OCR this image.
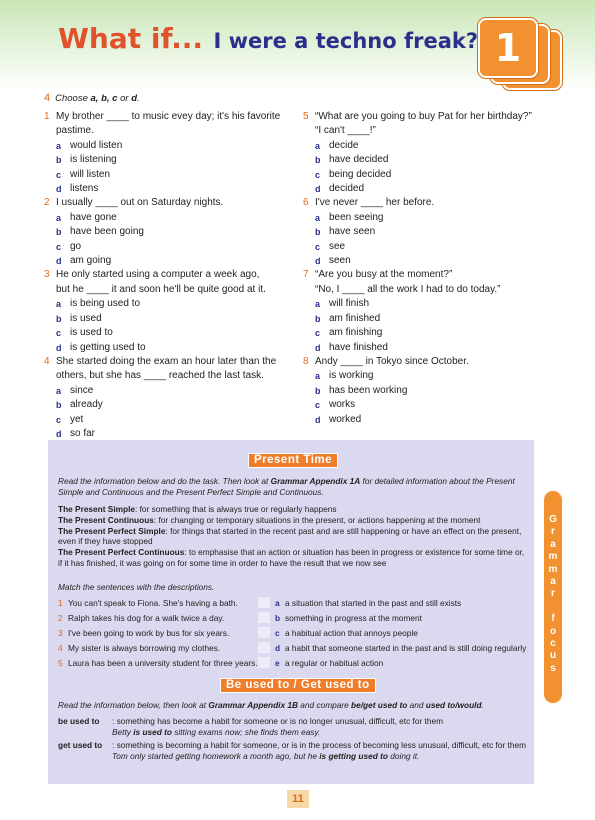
What if... I were a techno freak? 1
4 Choose a, b, c or d.
1 My brother ____ to music evey day; it's his favorite
pastime.
a would listen
b is listening
c will listen
d listens
2 I usually ____ out on Saturday nights.
a have gone
b have been going
c go
d am going
3 He only started using a computer a week ago,
but he ____ it and soon he'll be quite good at it.
a is being used to
b is used
c is used to
d is getting used to
4 She started doing the exam an hour later than the
others, but she has ____ reached the last task.
a since
b already
c yet
d so far
5 “What are you going to buy Pat for her birthday?”
“I can't ____!”
a decide
b have decided
c being decided
d decided
6 I've never ____ her before.
a been seeing
b have seen
c see
d seen
7 “Are you busy at the moment?”
“No, I ____ all the work I had to do today.”
a will finish
b am finished
c am finishing
d have finished
8 Andy ____ in Tokyo since October.
a is working
b has been working
c works
d worked
Present Time
Read the information below and do the task. Then look at Grammar Appendix 1A for detailed information about the Present
Simple and Continuous and the Present Perfect Simple and Continuous.
The Present Simple: for something that is always true or regularly happens
The Present Continuous: for changing or temporary situations in the present, or actions happening at the moment
The Present Perfect Simple: for things that started in the recent past and are still happening or have an effect on the present, even if they have stopped
The Present Perfect Continuous: to emphasise that an action or situation has been in progress or existence for some time or, if it has finished, it was going on for some time in order to have the result that we now see
Match the sentences with the descriptions.
1 You can't speak to Fiona. She's having a bath.	a a situation that started in the past and still exists
2 Ralph takes his dog for a walk twice a day.	b something in progress at the moment
3 I've been going to work by bus for six years.	c a habitual action that annoys people
4 My sister is always borrowing my clothes.	d a habit that someone started in the past and is still doing regularly
5 Laura has been a university student for three years. e a regular or habitual action
Be used to / Get used to
Read the information below, then look at Grammar Appendix 1B and compare be/get used to and used to/would.
be used to : something has become a habit for someone or is no longer unusual, difficult, etc for them
Betty is used to sitting exams now; she finds them easy.
get used to : something is becoming a habit for someone, or is in the process of becoming less unusual, difficult, etc for them
Tom only started getting homework a month ago, but he is getting used to doing it.
G
r
a
m
m
a
r

f
o
c
u
s
11
